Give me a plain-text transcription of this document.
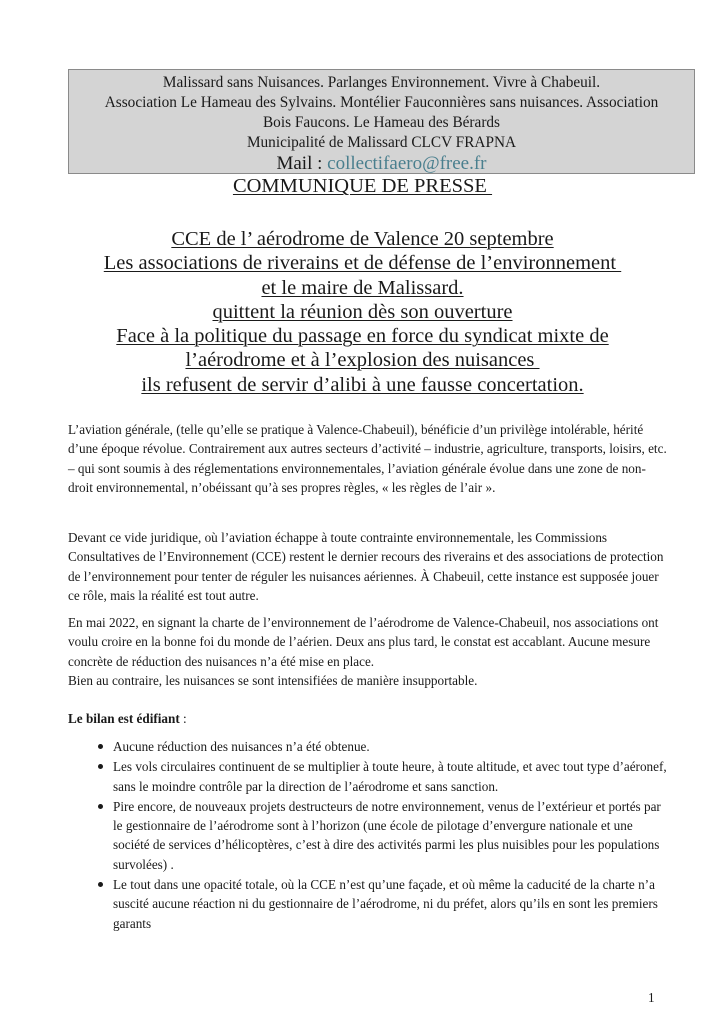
Malissard sans Nuisances. Parlanges Environnement. Vivre à Chabeuil.
Association Le Hameau des Sylvains. Montélier Fauconnières sans nuisances. Association
Bois Faucons. Le Hameau des Bérards
Municipalité de Malissard CLCV FRAPNA
Mail : collectifaero@free.fr
COMMUNIQUE DE PRESSE
CCE de l’ aérodrome de Valence 20 septembre
Les associations de riverains et de défense de l’environnement
et le maire de Malissard.
quittent la réunion dès son ouverture
Face à la politique du passage en force du syndicat mixte de
l’aérodrome et à l’explosion des nuisances
ils refusent de servir d’alibi à une fausse concertation.

L’aviation générale, (telle qu’elle se pratique à Valence-Chabeuil), bénéficie d’un privilège intolérable, hérité d’une époque révolue. Contrairement aux autres secteurs d’activité – industrie, agriculture, transports, loisirs, etc. – qui sont soumis à des réglementations environnementales, l’aviation générale évolue dans une zone de non-droit environnemental, n’obéissant qu’à ses propres règles, « les règles de l’air ».

Devant ce vide juridique, où l’aviation échappe à toute contrainte environnementale, les Commissions Consultatives de l’Environnement (CCE) restent le dernier recours des riverains et des associations de protection de l’environnement pour tenter de réguler les nuisances aériennes. À Chabeuil, cette instance est supposée jouer ce rôle, mais la réalité est tout autre.

En mai 2022, en signant la charte de l’environnement de l’aérodrome de Valence-Chabeuil, nos associations ont voulu croire en la bonne foi du monde de l’aérien. Deux ans plus tard, le constat est accablant. Aucune mesure concrète de réduction des nuisances n’a été mise en place.

Bien au contraire, les nuisances se sont intensifiées de manière insupportable.

Le bilan est édifiant :
Aucune réduction des nuisances n’a été obtenue.
Les vols circulaires continuent de se multiplier à toute heure, à toute altitude, et avec tout type d’aéronef, sans le moindre contrôle par la direction de l’aérodrome et sans sanction.
Pire encore, de nouveaux projets destructeurs de notre environnement, venus de l’extérieur et portés par le gestionnaire de l’aérodrome sont à l’horizon (une école de pilotage d’envergure nationale et une société de services d’hélicoptères, c’est à dire des activités parmi les plus nuisibles pour les populations survolées) .
Le tout dans une opacité totale, où la CCE n’est qu’une façade, et où même la caducité de la charte n’a suscité aucune réaction ni du gestionnaire de l’aérodrome, ni du préfet, alors qu’ils en sont les premiers garants
1
